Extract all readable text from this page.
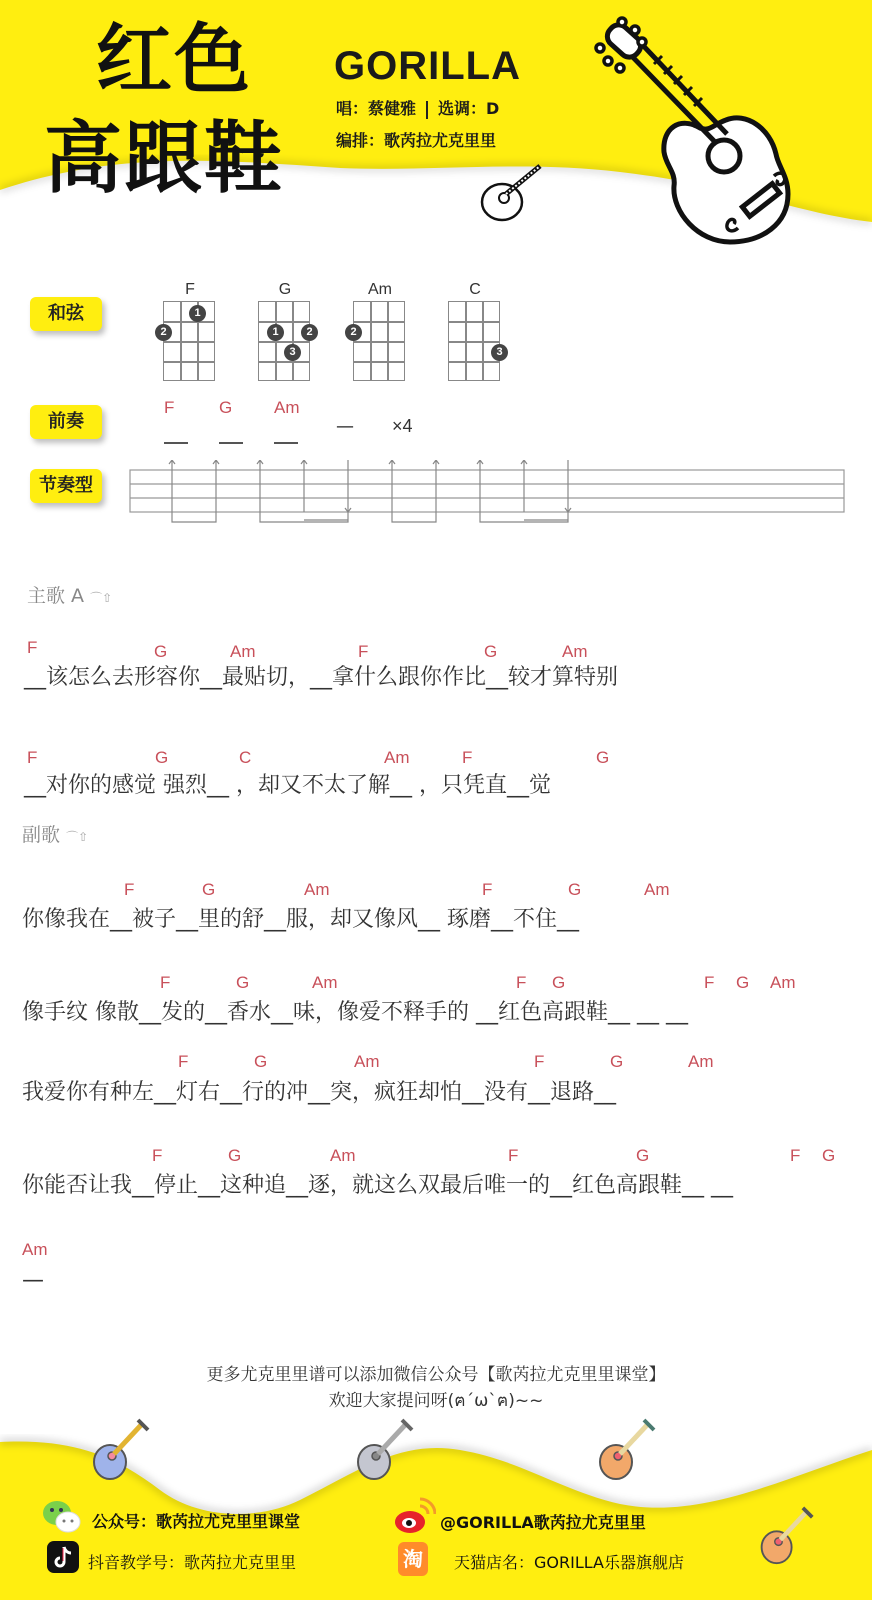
红色
高跟鞋
GORILLA
唱：蔡健雅 选调：D
编排：歌芮拉尤克里里
和弦
前奏
节奏型
F
1
2
G
1	2
3
Am
2
C
3
F	G Am
— ×4
主歌 A ⌒⇧
F	G	Am	F	G	Am
__该怎么去形容你__最贴切，__拿什么跟你作比__较才算特别
F	G	C	Am	F	G
__对你的感觉 强烈__ ，却又不太了解__ ，只凭直__觉
副歌 ⌒⇧
F	G	Am	F	G	Am
你像我在__被子__里的舒__服，却又像风__ 琢磨__不住__
F	G	Am	F G	F G Am
像手纹 像散__发的__香水__味，像爱不释手的 __红色高跟鞋__ __ __
F	G	Am	F	G	Am
我爱你有种左__灯右__行的冲__突，疯狂却怕__没有__退路__
F	G	Am	F	G	F G
你能否让我__停止__这种追__逐，就这么双最后唯一的__红色高跟鞋__ __
Am
—
更多尤克里里谱可以添加微信公众号【歌芮拉尤克里里课堂】
欢迎大家提问呀(ฅ´ω`ฅ)~~
公众号：歌芮拉尤克里里课堂	@GORILLA歌芮拉尤克里里
抖音教学号：歌芮拉尤克里里	淘	天猫店名：GORILLA乐器旗舰店
